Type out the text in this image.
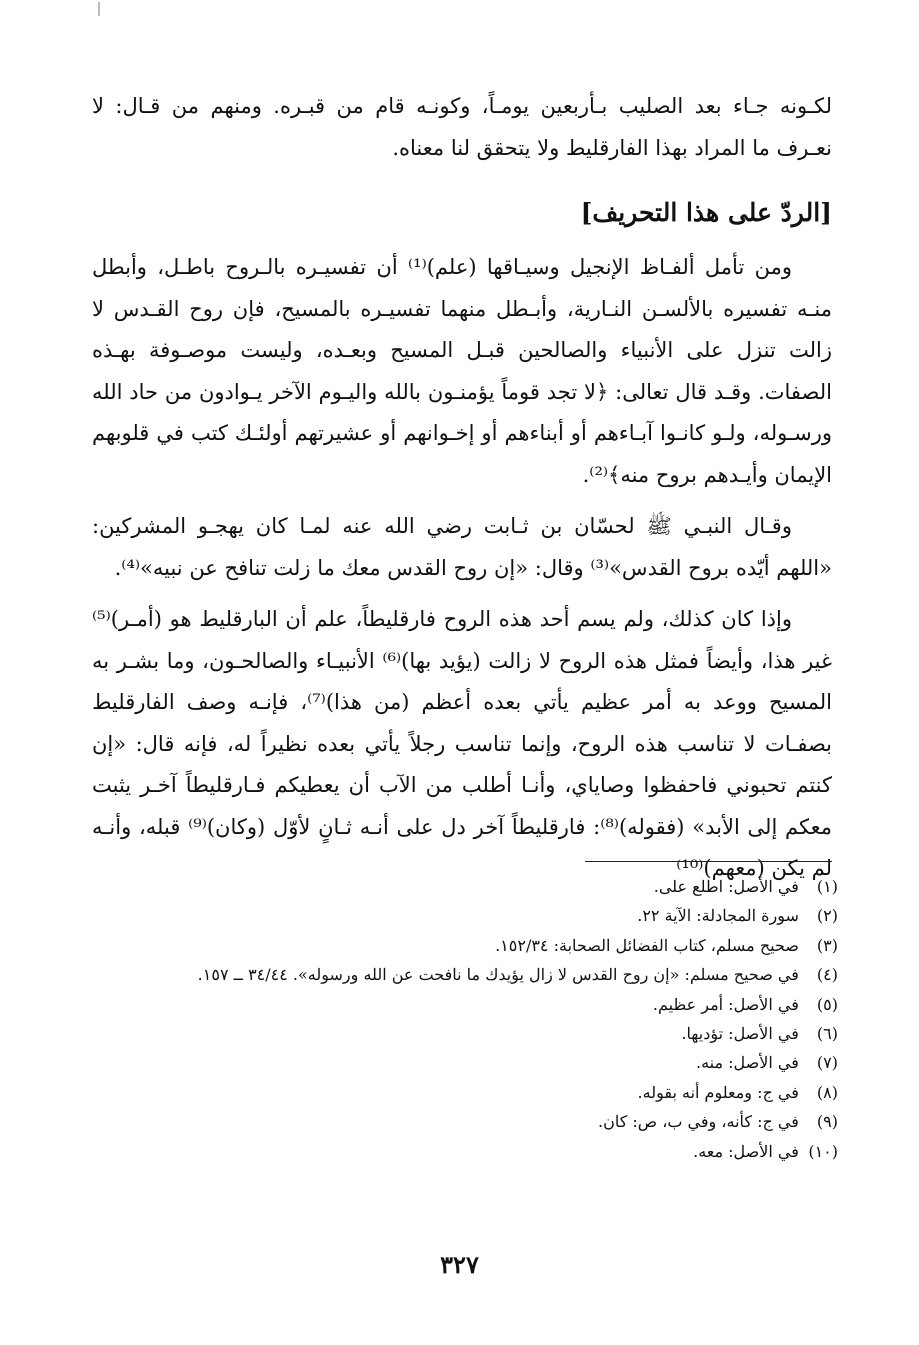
لكـونه جـاء بعد الصليب بـأربعين يومـاً، وكونـه قام من قبـره. ومنهم من قـال: لا نعـرف ما المراد بهذا الفارقليط ولا يتحقق لنا معناه.

[الردّ على هذا التحريف]

ومن تأمل ألفـاظ الإنجيل وسيـاقها (علم)⁽¹⁾ أن تفسيـره بالـروح باطـل، وأبطل منـه تفسيره بالألسـن النـارية، وأبـطل منهما تفسيـره بالمسيح، فإن روح القـدس لا زالت تنزل على الأنبياء والصالحين قبـل المسيح وبعـده، وليست موصـوفة بهـذه الصفات. وقـد قال تعالى: ﴿لا تجد قوماً يؤمنـون بالله واليـوم الآخر يـوادون من حاد الله ورسـوله، ولـو كانـوا آبـاءهم أو أبناءهم أو إخـوانهم أو عشيرتهم أولئـك كتب في قلوبهم الإيمان وأيـدهم بروح منه﴾⁽²⁾.

وقـال النبـي ﷺ لحسّان بن ثـابت رضي الله عنه لمـا كان يهجـو المشركين: «اللهم أيّده بروح القدس»⁽³⁾ وقال: «إن روح القدس معك ما زلت تنافح عن نبيه»⁽⁴⁾.

وإذا كان كذلك، ولم يسم أحد هذه الروح فارقليطاً، علم أن البارقليط هو (أمـر)⁽⁵⁾ غير هذا، وأيضاً فمثل هذه الروح لا زالت (يؤيد بها)⁽⁶⁾ الأنبيـاء والصالحـون، وما بشـر به المسيح ووعد به أمر عظيم يأتي بعده أعظم (من هذا)⁽⁷⁾، فإنـه وصف الفارقليط بصفـات لا تناسب هذه الروح، وإنما تناسب رجلاً يأتي بعده نظيراً له، فإنه قال: «إن كنتم تحبوني فاحفظوا وصاياي، وأنـا أطلب من الآب أن يعطيكم فـارقليطاً آخـر يثبت معكم إلى الأبد» (فقوله)⁽⁸⁾: فارقليطاً آخر دل على أنـه ثـانٍ لأوّل (وكان)⁽⁹⁾ قبله، وأنـه لم يكن (معهم)⁽¹⁰⁾

(١) في الأصل: اطلع على.
(٢) سورة المجادلة: الآية ٢٢.
(٣) صحيح مسلم، كتاب الفضائل الصحابة: ١٥٢/٣٤.
(٤) في صحيح مسلم: «إن روح القدس لا زال يؤيدك ما نافحت عن الله ورسوله». ٣٤/٤٤ ــ ١٥٧.
(٥) في الأصل: أمر عظيم.
(٦) في الأصل: تؤديها.
(٧) في الأصل: منه.
(٨) في ج: ومعلوم أنه بقوله.
(٩) في ج: كأنه، وفي ب، ص: كان.
(١٠) في الأصل: معه.
٣٢٧
